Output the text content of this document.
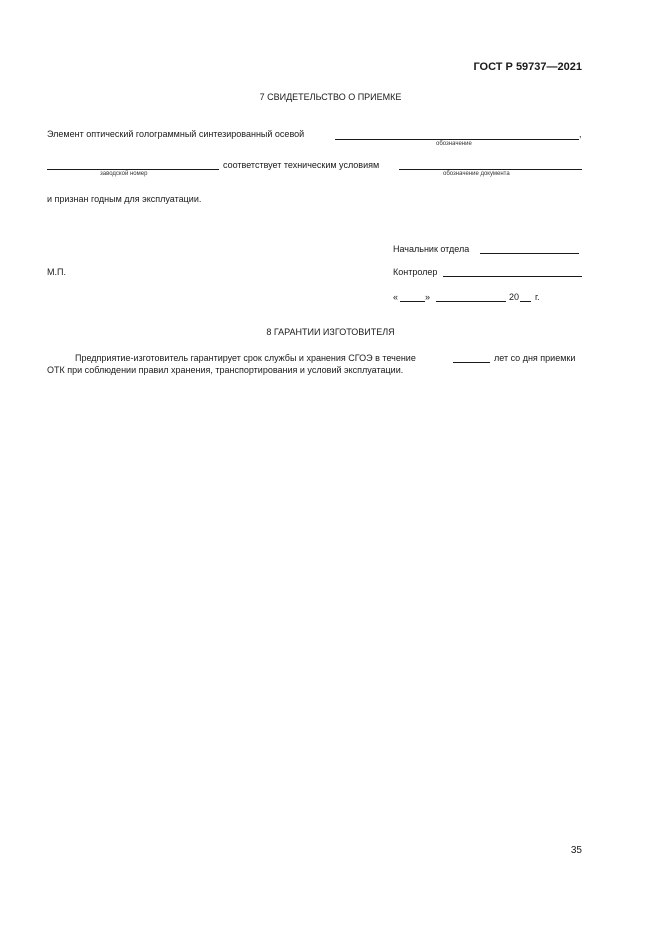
ГОСТ Р 59737—2021
7 СВИДЕТЕЛЬСТВО О ПРИЕМКЕ
Элемент оптический голограммный синтезированный осевой	,
обозначение
заводской номер
соответствует техническим условиям
обозначение документа
и признан годным для эксплуатации.
Начальник отдела
М.П.	Контролер
«	»	20 г.
8 ГАРАНТИИ ИЗГОТОВИТЕЛЯ
Предприятие-изготовитель гарантирует срок службы и хранения СГОЭ в течение	лет со дня приемки
ОТК при соблюдении правил хранения, транспортирования и условий эксплуатации.
35
